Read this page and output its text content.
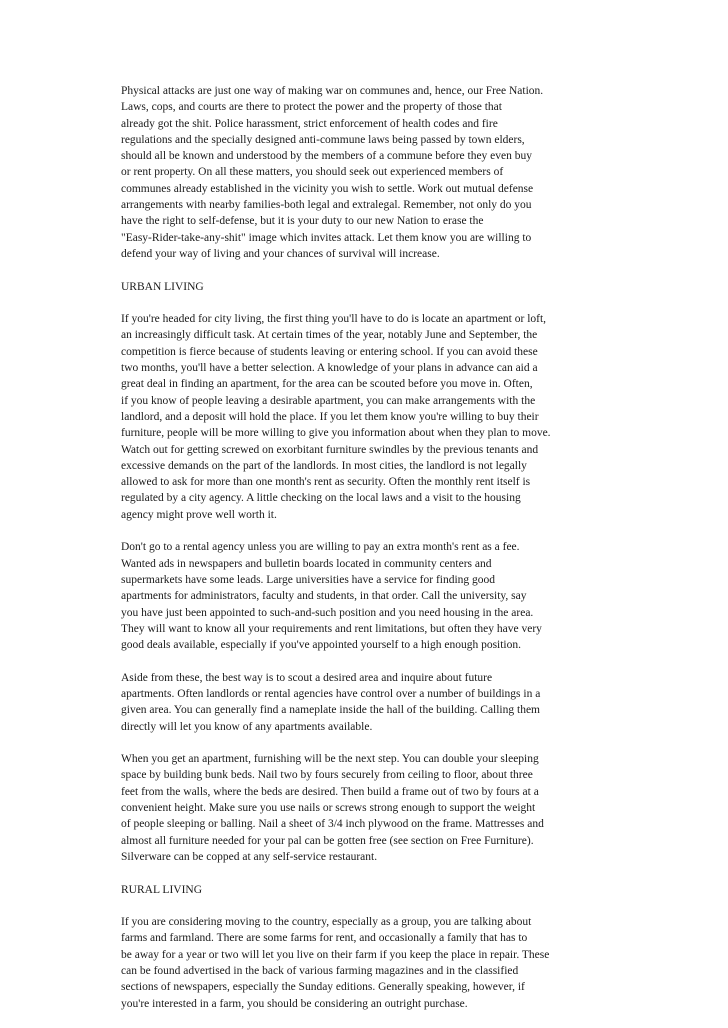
Physical attacks are just one way of making war on communes and, hence, our Free Nation.
Laws, cops, and courts are there to protect the power and the property of those that
already got the shit. Police harassment, strict enforcement of health codes and fire
regulations and the specially designed anti-commune laws being passed by town elders,
should all be known and understood by the members of a commune before they even buy
or rent property. On all these matters, you should seek out experienced members of
communes already established in the vicinity you wish to settle. Work out mutual defense
arrangements with nearby families-both legal and extralegal. Remember, not only do you
have the right to self-defense, but it is your duty to our new Nation to erase the
"Easy-Rider-take-any-shit" image which invites attack. Let them know you are willing to
defend your way of living and your chances of survival will increase.
URBAN LIVING
If you're headed for city living, the first thing you'll have to do is locate an apartment or loft,
an increasingly difficult task. At certain times of the year, notably June and September, the
competition is fierce because of students leaving or entering school. If you can avoid these
two months, you'll have a better selection. A knowledge of your plans in advance can aid a
great deal in finding an apartment, for the area can be scouted before you move in. Often,
if you know of people leaving a desirable apartment, you can make arrangements with the
landlord, and a deposit will hold the place. If you let them know you're willing to buy their
furniture, people will be more willing to give you information about when they plan to move.
Watch out for getting screwed on exorbitant furniture swindles by the previous tenants and
excessive demands on the part of the landlords. In most cities, the landlord is not legally
allowed to ask for more than one month's rent as security. Often the monthly rent itself is
regulated by a city agency. A little checking on the local laws and a visit to the housing
agency might prove well worth it.
Don't go to a rental agency unless you are willing to pay an extra month's rent as a fee.
Wanted ads in newspapers and bulletin boards located in community centers and
supermarkets have some leads. Large universities have a service for finding good
apartments for administrators, faculty and students, in that order. Call the university, say
you have just been appointed to such-and-such position and you need housing in the area.
They will want to know all your requirements and rent limitations, but often they have very
good deals available, especially if you've appointed yourself to a high enough position.
Aside from these, the best way is to scout a desired area and inquire about future
apartments. Often landlords or rental agencies have control over a number of buildings in a
given area. You can generally find a nameplate inside the hall of the building. Calling them
directly will let you know of any apartments available.
When you get an apartment, furnishing will be the next step. You can double your sleeping
space by building bunk beds. Nail two by fours securely from ceiling to floor, about three
feet from the walls, where the beds are desired. Then build a frame out of two by fours at a
convenient height. Make sure you use nails or screws strong enough to support the weight
of people sleeping or balling. Nail a sheet of 3/4 inch plywood on the frame. Mattresses and
almost all furniture needed for your pal can be gotten free (see section on Free Furniture).
Silverware can be copped at any self-service restaurant.
RURAL LIVING
If you are considering moving to the country, especially as a group, you are talking about
farms and farmland. There are some farms for rent, and occasionally a family that has to
be away for a year or two will let you live on their farm if you keep the place in repair. These
can be found advertised in the back of various farming magazines and in the classified
sections of newspapers, especially the Sunday editions. Generally speaking, however, if
you're interested in a farm, you should be considering an outright purchase.
